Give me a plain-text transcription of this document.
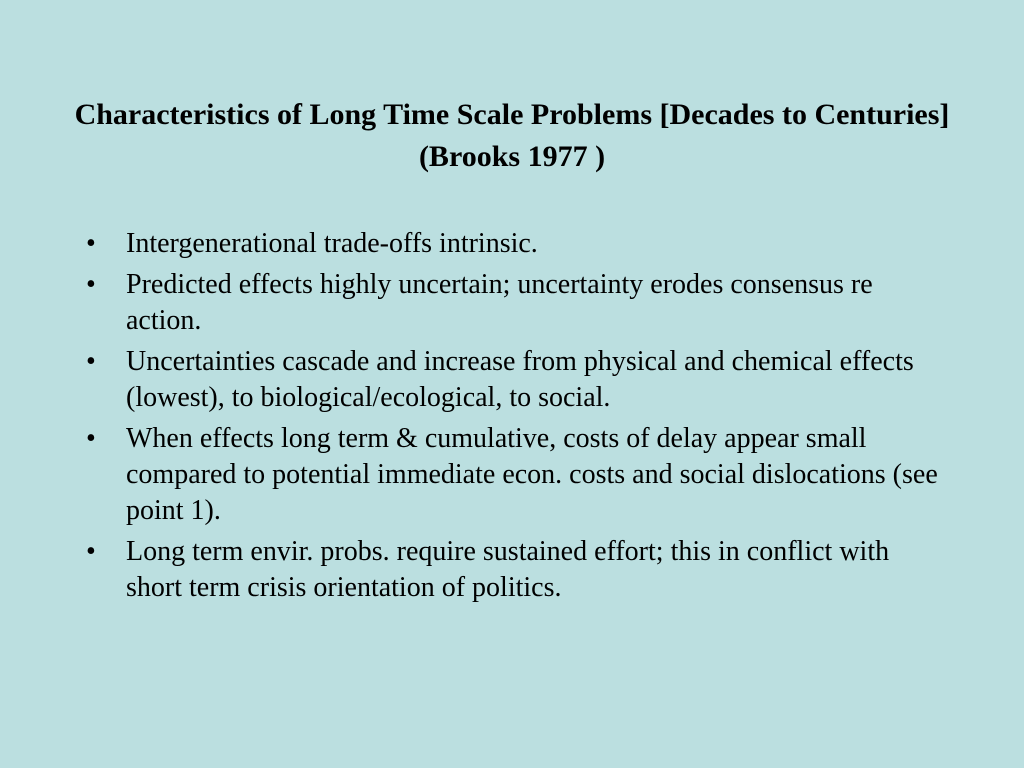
Characteristics of Long Time Scale Problems [Decades to Centuries] (Brooks 1977 )
• Intergenerational trade-offs intrinsic.
• Predicted effects highly uncertain; uncertainty erodes consensus re action.
• Uncertainties cascade and increase from physical and chemical effects (lowest), to biological/ecological, to social.
• When effects long term & cumulative, costs of delay appear small compared to potential immediate econ. costs and social dislocations (see point 1).
• Long term envir. probs. require sustained effort; this in conflict with short term crisis orientation of politics.
